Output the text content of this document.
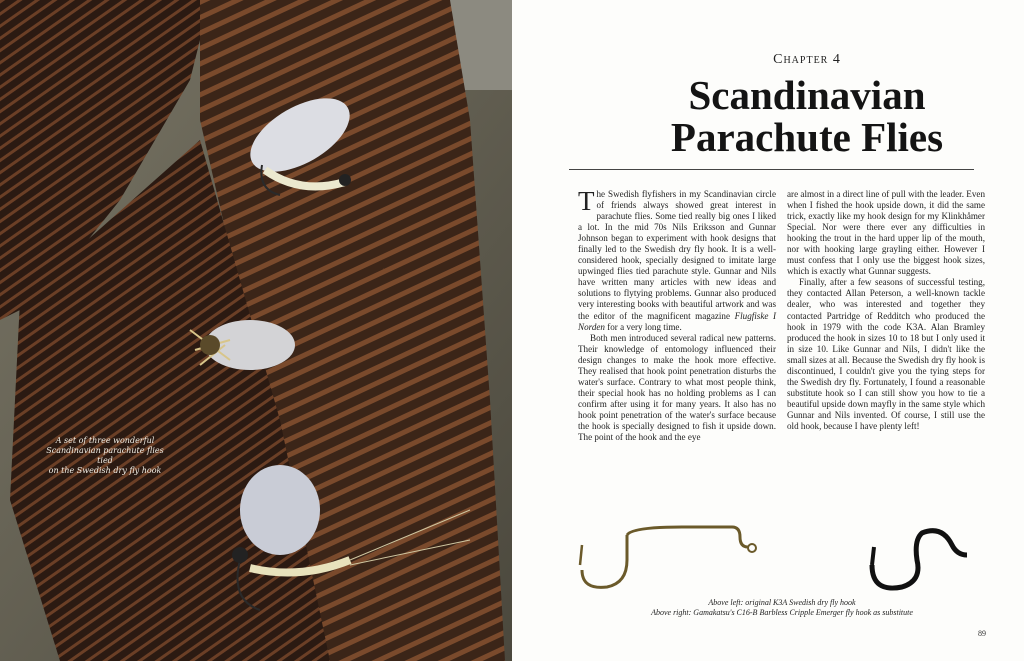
A set of three wonderful
Scandinavian parachute flies tied
on the Swedish dry fly hook
Chapter 4
Scandinavian
Parachute Flies

The Swedish flyfishers in my Scandinavian circle of friends always showed great interest in parachute flies. Some tied really big ones I liked a lot. In the mid 70s Nils Eriksson and Gunnar Johnson began to experiment with hook designs that finally led to the Swedish dry fly hook. It is a well-considered hook, specially designed to imitate large upwinged flies tied parachute style. Gunnar and Nils have written many articles with new ideas and solutions to flytying problems. Gunnar also produced very interesting books with beautiful artwork and was the editor of the magnificent magazine Flugfiske I Norden for a very long time.

Both men introduced several radical new patterns. Their knowledge of entomology influenced their design changes to make the hook more effective. They realised that hook point penetration disturbs the water's surface. Contrary to what most people think, their special hook has no holding problems as I can confirm after using it for many years. It also has no hook point penetration of the water's surface because the hook is specially designed to fish it upside down. The point of the hook and the eye

are almost in a direct line of pull with the leader. Even when I fished the hook upside down, it did the same trick, exactly like my hook design for my Klinkhåmer Special. Nor were there ever any difficulties in hooking the trout in the hard upper lip of the mouth, nor with hooking large grayling either. However I must confess that I only use the biggest hook sizes, which is exactly what Gunnar suggests.

Finally, after a few seasons of successful testing, they contacted Allan Peterson, a well-known tackle dealer, who was interested and together they contacted Partridge of Redditch who produced the hook in 1979 with the code K3A. Alan Bramley produced the hook in sizes 10 to 18 but I only used it in size 10. Like Gunnar and Nils, I didn't like the small sizes at all. Because the Swedish dry fly hook is discontinued, I couldn't give you the tying steps for the Swedish dry fly. Fortunately, I found a reasonable substitute hook so I can still show you how to tie a beautiful upside down mayfly in the same style which Gunnar and Nils invented. Of course, I still use the old hook, because I have plenty left!

Above left: original K3A Swedish dry fly hook
Above right: Gamakatsu's C16-B Barbless Cripple Emerger fly hook as substitute
89
